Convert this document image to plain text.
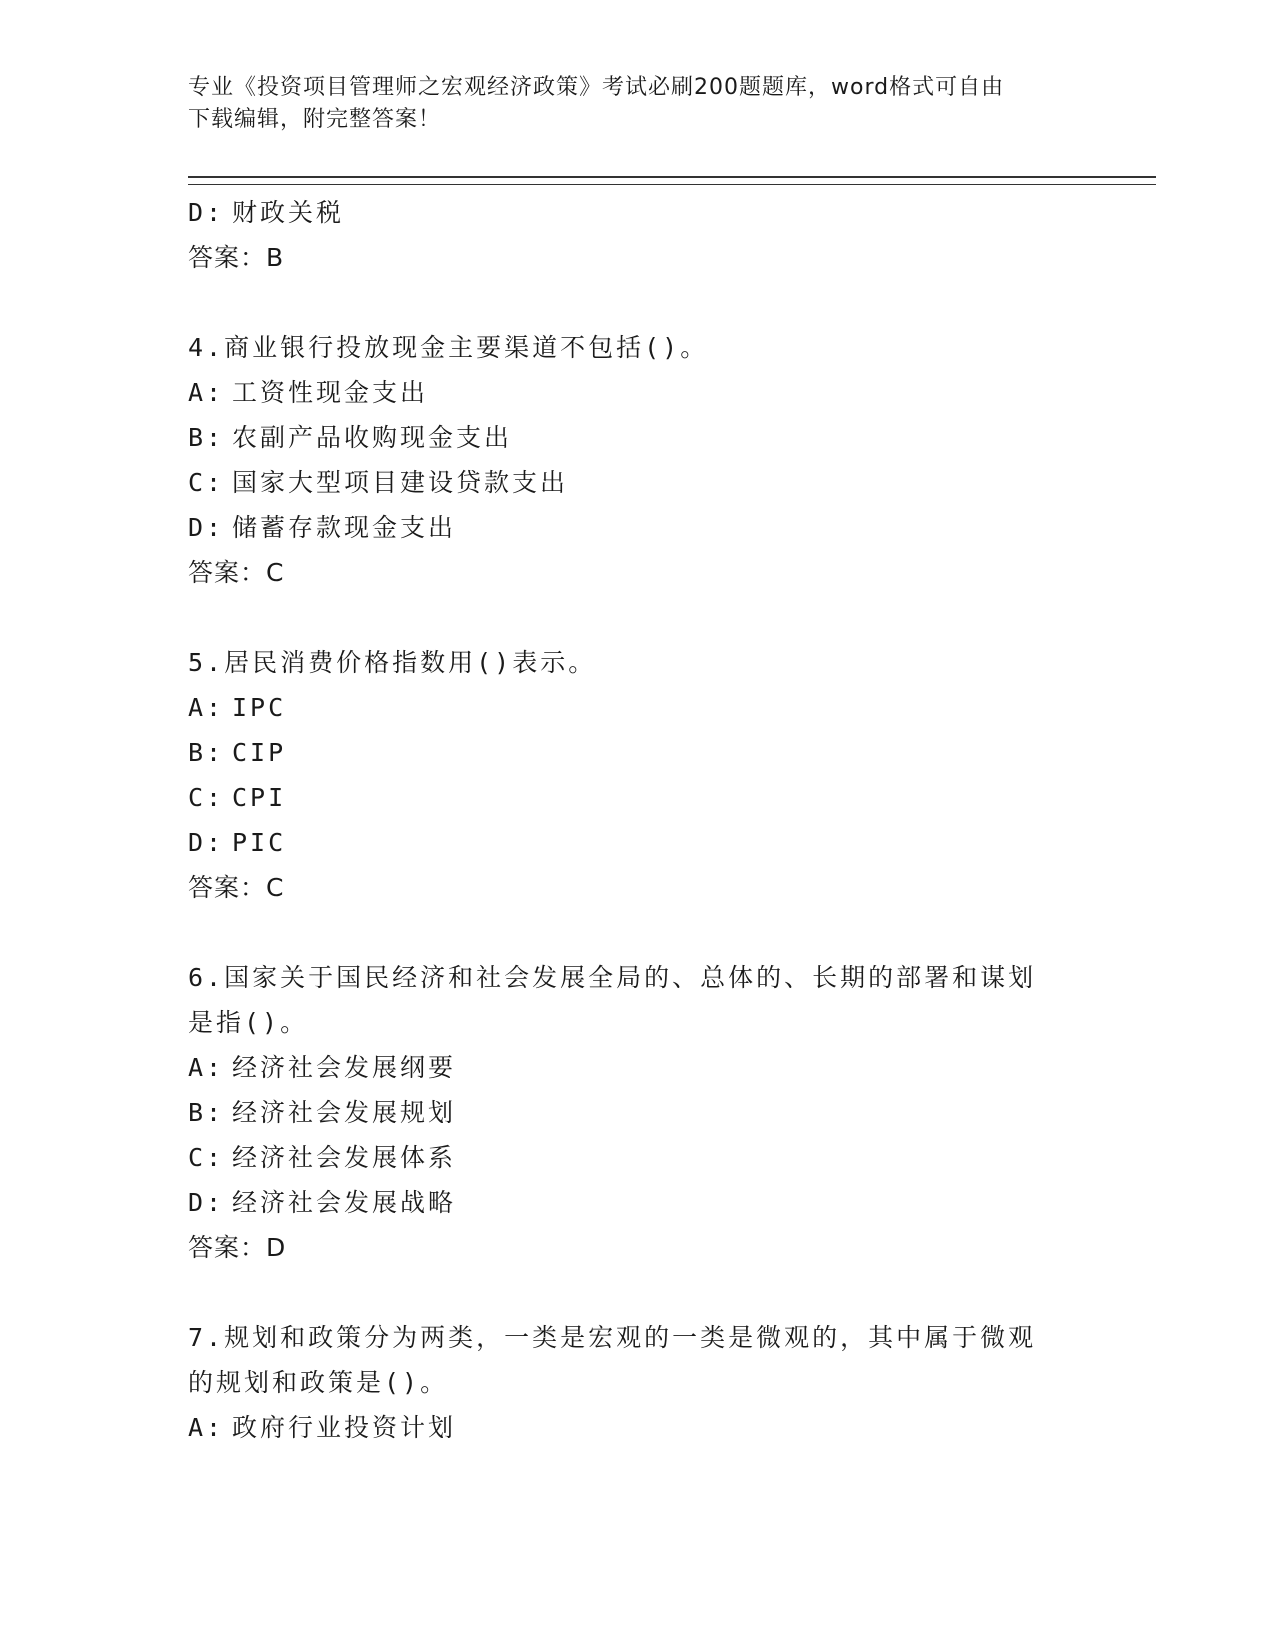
专业《投资项目管理师之宏观经济政策》考试必刷200题题库，word格式可自由
下载编辑，附完整答案！
D: 财政关税
答案：B
4.商业银行投放现金主要渠道不包括()。
A: 工资性现金支出
B: 农副产品收购现金支出
C: 国家大型项目建设贷款支出
D: 储蓄存款现金支出
答案：C
5.居民消费价格指数用()表示。
A: IPC
B: CIP
C: CPI
D: PIC
答案：C
6.国家关于国民经济和社会发展全局的、总体的、长期的部署和谋划
是指()。
A: 经济社会发展纲要
B: 经济社会发展规划
C: 经济社会发展体系
D: 经济社会发展战略
答案：D
7.规划和政策分为两类，一类是宏观的一类是微观的，其中属于微观
的规划和政策是()。
A: 政府行业投资计划
